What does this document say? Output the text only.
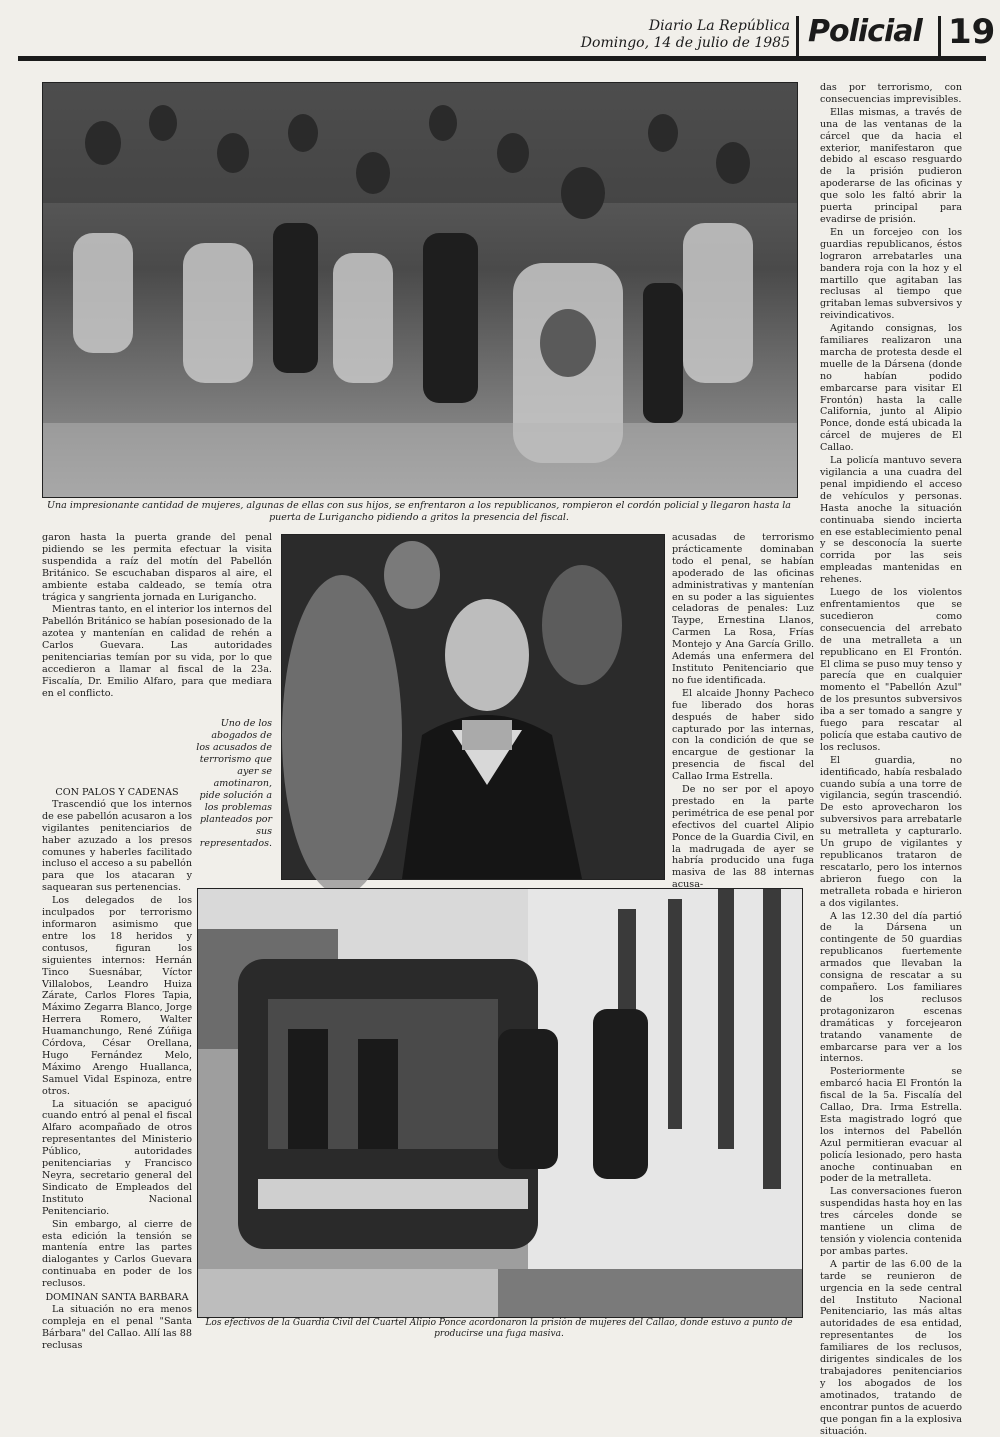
Diario La República
Domingo, 14 de julio de 1985 Policial 19
Una impresionante cantidad de mujeres, algunas de ellas con sus hijos, se enfrentaron a los republicanos, rompieron el cordón policial y llegaron hasta la puerta de Lurigancho pidiendo a gritos la presencia del fiscal.
Uno de los abogados de los acusados de terrorismo que ayer se amotinaron, pide solución a los problemas planteados por sus representados.
Los efectivos de la Guardia Civil del Cuartel Alipio Ponce acordonaron la prisión de mujeres del Callao, donde estuvo a punto de producirse una fuga masiva.

garon hasta la puerta grande del penal pidiendo se les permita efectuar la visita suspendida a raíz del motín del Pabellón Británico. Se escuchaban disparos al aire, el ambiente estaba caldeado, se temía otra trágica y sangrienta jornada en Lurigancho.

Mientras tanto, en el interior los internos del Pabellón Británico se habían posesionado de la azotea y mantenían en calidad de rehén a Carlos Guevara. Las autoridades penitenciarias temían por su vida, por lo que accedieron a llamar al fiscal de la 23a. Fiscalía, Dr. Emilio Alfaro, para que mediara en el conflicto.

CON PALOS Y CADENAS

Trascendió que los internos de ese pabellón acusaron a los vigilantes penitenciarios de haber azuzado a los presos comunes y haberles facilitado incluso el acceso a su pabellón para que los atacaran y saquearan sus pertenencias.

Los delegados de los inculpados por terrorismo informaron asimismo que entre los 18 heridos y contusos, figuran los siguientes internos: Hernán Tinco Suesnábar, Víctor Villalobos, Leandro Huiza Zárate, Carlos Flores Tapia, Máximo Zegarra Blanco, Jorge Herrera Romero, Walter Huamanchungo, René Zúñiga Córdova, César Orellana, Hugo Fernández Melo, Máximo Arengo Huallanca, Samuel Vidal Espinoza, entre otros.

La situación se apaciguó cuando entró al penal el fiscal Alfaro acompañado de otros representantes del Ministerio Público, autoridades penitenciarias y Francisco Neyra, secretario general del Sindicato de Empleados del Instituto Nacional Penitenciario.

Sin embargo, al cierre de esta edición la tensión se mantenía entre las partes dialogantes y Carlos Guevara continuaba en poder de los reclusos.

DOMINAN SANTA BARBARA

La situación no era menos compleja en el penal "Santa Bárbara" del Callao. Allí las 88 reclusas

acusadas de terrorismo prácticamente dominaban todo el penal, se habían apoderado de las oficinas administrativas y mantenían en su poder a las siguientes celadoras de penales: Luz Taype, Ernestina Llanos, Carmen La Rosa, Frías Montejo y Ana García Grillo. Además una enfermera del Instituto Penitenciario que no fue identificada.

El alcaide Jhonny Pacheco fue liberado dos horas después de haber sido capturado por las internas, con la condición de que se encargue de gestionar la presencia de fiscal del Callao Irma Estrella.

De no ser por el apoyo prestado en la parte perimétrica de ese penal por efectivos del cuartel Alipio Ponce de la Guardia Civil, en la madrugada de ayer se habría producido una fuga masiva de las 88 internas acusa-

das por terrorismo, con consecuencias imprevisibles.

Ellas mismas, a través de una de las ventanas de la cárcel que da hacia el exterior, manifestaron que debido al escaso resguardo de la prisión pudieron apoderarse de las oficinas y que solo les faltó abrir la puerta principal para evadirse de prisión.

En un forcejeo con los guardias republicanos, éstos lograron arrebatarles una bandera roja con la hoz y el martillo que agitaban las reclusas al tiempo que gritaban lemas subversivos y reivindicativos.

Agitando consignas, los familiares realizaron una marcha de protesta desde el muelle de la Dársena (donde no habían podido embarcarse para visitar El Frontón) hasta la calle California, junto al Alipio Ponce, donde está ubicada la cárcel de mujeres de El Callao.

La policía mantuvo severa vigilancia a una cuadra del penal impidiendo el acceso de vehículos y personas. Hasta anoche la situación continuaba siendo incierta en ese establecimiento penal y se desconocía la suerte corrida por las seis empleadas mantenidas en rehenes.

Luego de los violentos enfrentamientos que se sucedieron como consecuencia del arrebato de una metralleta a un republicano en El Frontón. El clima se puso muy tenso y parecía que en cualquier momento el "Pabellón Azul" de los presuntos subversivos iba a ser tomado a sangre y fuego para rescatar al policía que estaba cautivo de los reclusos.

El guardia, no identificado, había resbalado cuando subía a una torre de vigilancia, según trascendió. De esto aprovecharon los subversivos para arrebatarle su metralleta y capturarlo. Un grupo de vigilantes y republicanos trataron de rescatarlo, pero los internos abrieron fuego con la metralleta robada e hirieron a dos vigilantes.

A las 12.30 del día partió de la Dársena un contingente de 50 guardias republicanos fuertemente armados que llevaban la consigna de rescatar a su compañero. Los familiares de los reclusos protagonizaron escenas dramáticas y forcejearon tratando vanamente de embarcarse para ver a los internos.

Posteriormente se embarcó hacia El Frontón la fiscal de la 5a. Fiscalía del Callao, Dra. Irma Estrella. Esta magistrado logró que los internos del Pabellón Azul permitieran evacuar al policía lesionado, pero hasta anoche continuaban en poder de la metralleta.

Las conversaciones fueron suspendidas hasta hoy en las tres cárceles donde se mantiene un clima de tensión y violencia contenida por ambas partes.

A partir de las 6.00 de la tarde se reunieron de urgencia en la sede central del Instituto Nacional Penitenciario, las más altas autoridades de esa entidad, representantes de los familiares de los reclusos, dirigentes sindicales de los trabajadores penitenciarios y los abogados de los amotinados, tratando de encontrar puntos de acuerdo que pongan fin a la explosiva situación.
